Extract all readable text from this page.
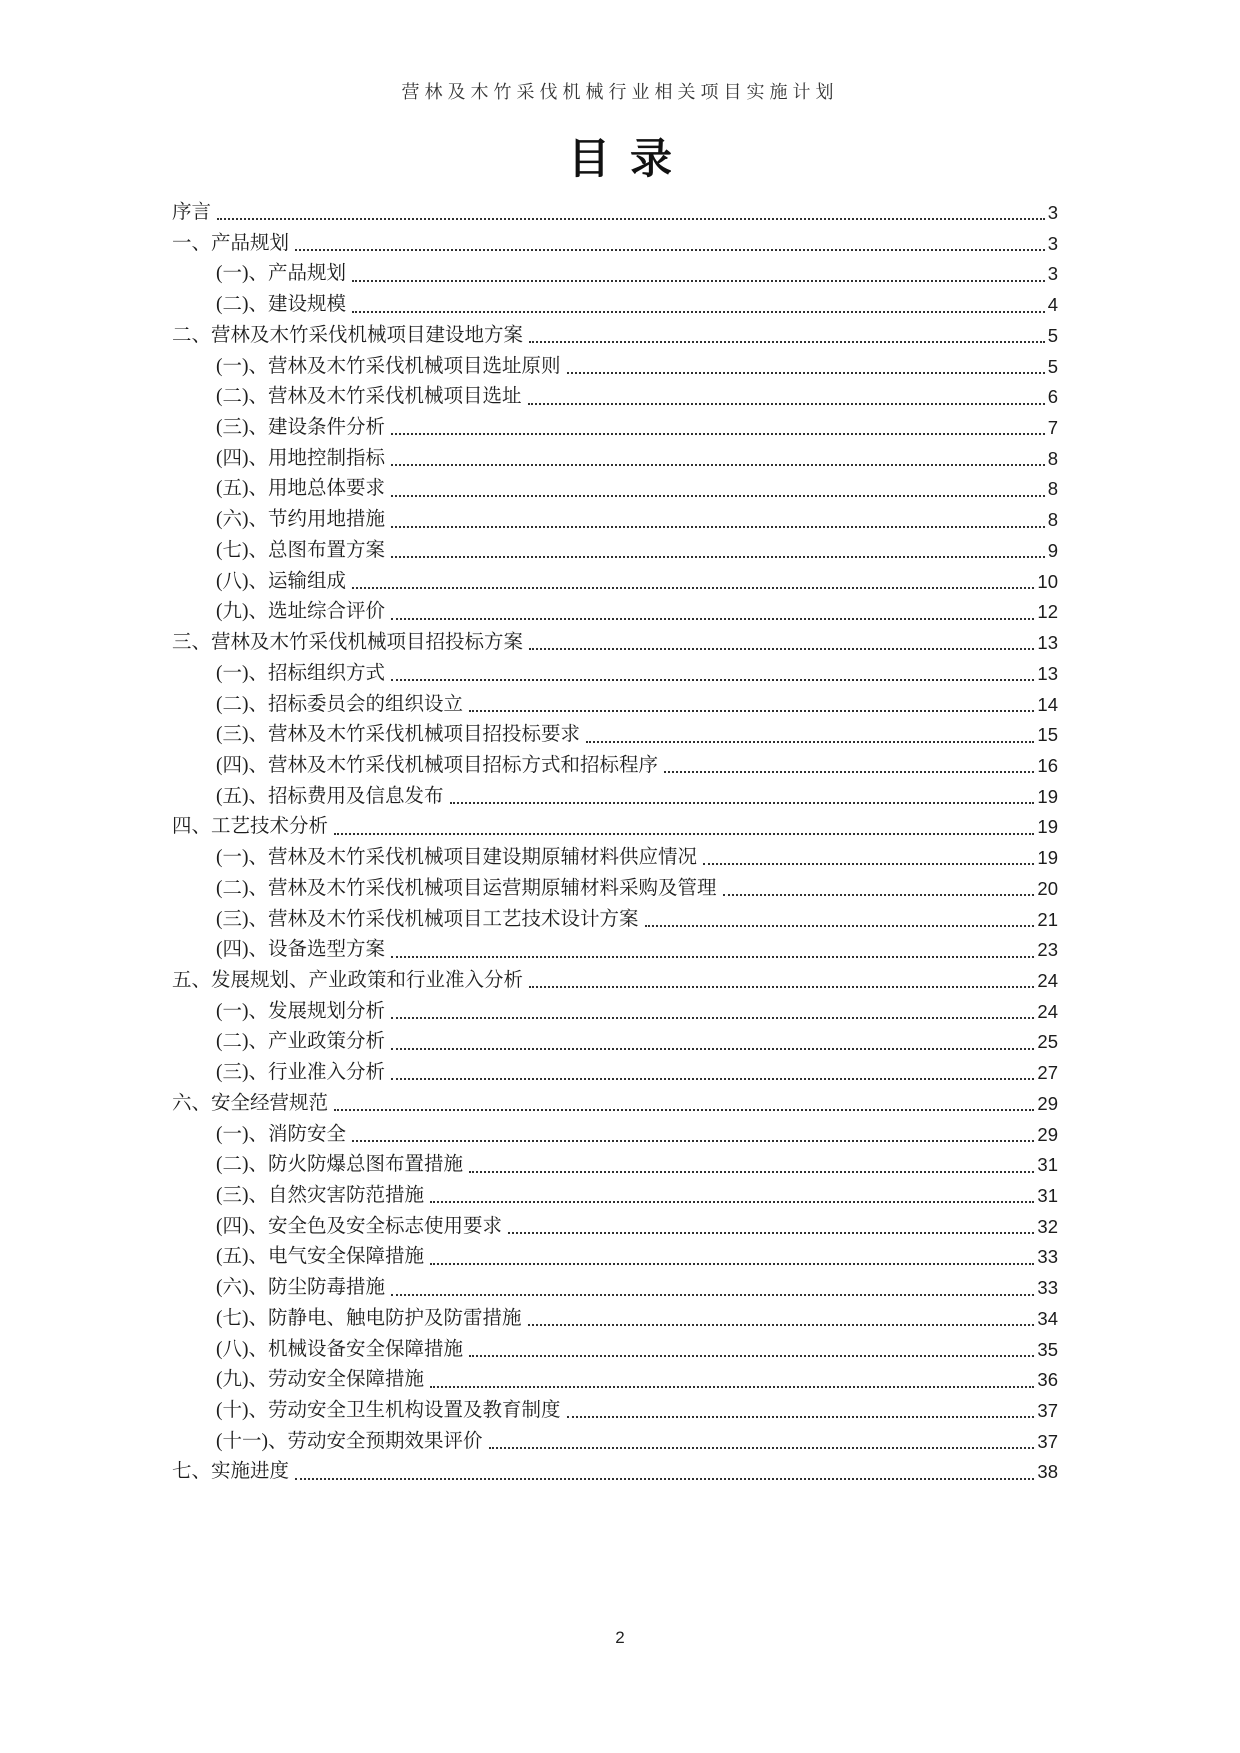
营林及木竹采伐机械行业相关项目实施计划
目录
序言	3
一、产品规划	3
(一)、产品规划	3
(二)、建设规模	4
二、营林及木竹采伐机械项目建设地方案	5
(一)、营林及木竹采伐机械项目选址原则	5
(二)、营林及木竹采伐机械项目选址	6
(三)、建设条件分析	7
(四)、用地控制指标	8
(五)、用地总体要求	8
(六)、节约用地措施	8
(七)、总图布置方案	9
(八)、运输组成	10
(九)、选址综合评价	12
三、营林及木竹采伐机械项目招投标方案	13
(一)、招标组织方式	13
(二)、招标委员会的组织设立	14
(三)、营林及木竹采伐机械项目招投标要求	15
(四)、营林及木竹采伐机械项目招标方式和招标程序	16
(五)、招标费用及信息发布	19
四、工艺技术分析	19
(一)、营林及木竹采伐机械项目建设期原辅材料供应情况	19
(二)、营林及木竹采伐机械项目运营期原辅材料采购及管理	20
(三)、营林及木竹采伐机械项目工艺技术设计方案	21
(四)、设备选型方案	23
五、发展规划、产业政策和行业准入分析	24
(一)、发展规划分析	24
(二)、产业政策分析	25
(三)、行业准入分析	27
六、安全经营规范	29
(一)、消防安全	29
(二)、防火防爆总图布置措施	31
(三)、自然灾害防范措施	31
(四)、安全色及安全标志使用要求	32
(五)、电气安全保障措施	33
(六)、防尘防毒措施	33
(七)、防静电、触电防护及防雷措施	34
(八)、机械设备安全保障措施	35
(九)、劳动安全保障措施	36
(十)、劳动安全卫生机构设置及教育制度	37
(十一)、劳动安全预期效果评价	37
七、实施进度	38
2
